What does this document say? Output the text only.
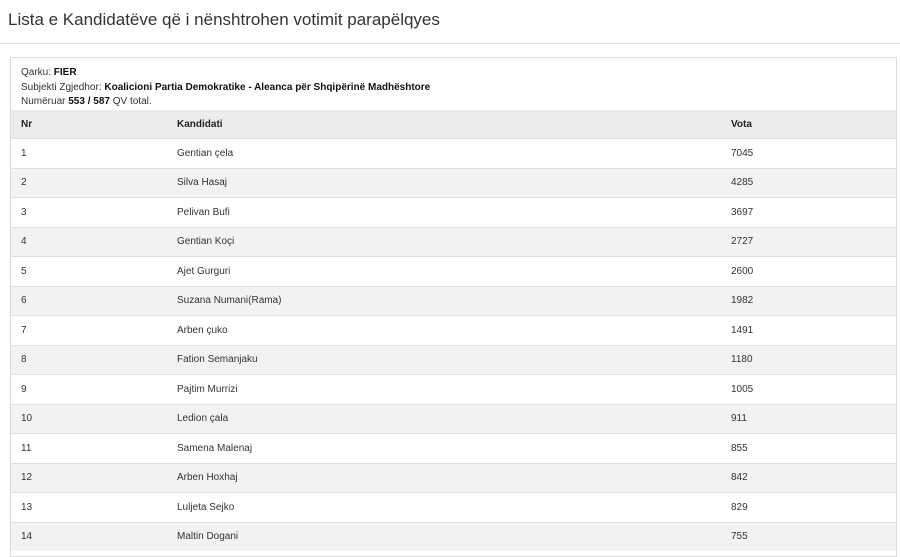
Lista e Kandidatëve që i nënshtrohen votimit parapëlqyes
Qarku: FIER
Subjekti Zgjedhor: Koalicioni Partia Demokratike - Aleanca për Shqipërinë Madhështore
Numëruar 553 / 587 QV total.
Nr	Kandidati	Vota
1	Gentian çela	7045
2	Silva Hasaj	4285
3	Pelivan Bufi	3697
4	Gentian Koçi	2727
5	Ajet Gurguri	2600
6	Suzana Numani(Rama)	1982
7	Arben çuko	1491
8	Fation Semanjaku	1180
9	Pajtim Murrizi	1005
10	Ledion çala	911
11	Samena Malenaj	855
12	Arben Hoxhaj	842
13	Luljeta Sejko	829
14	Maltin Dogani	755
